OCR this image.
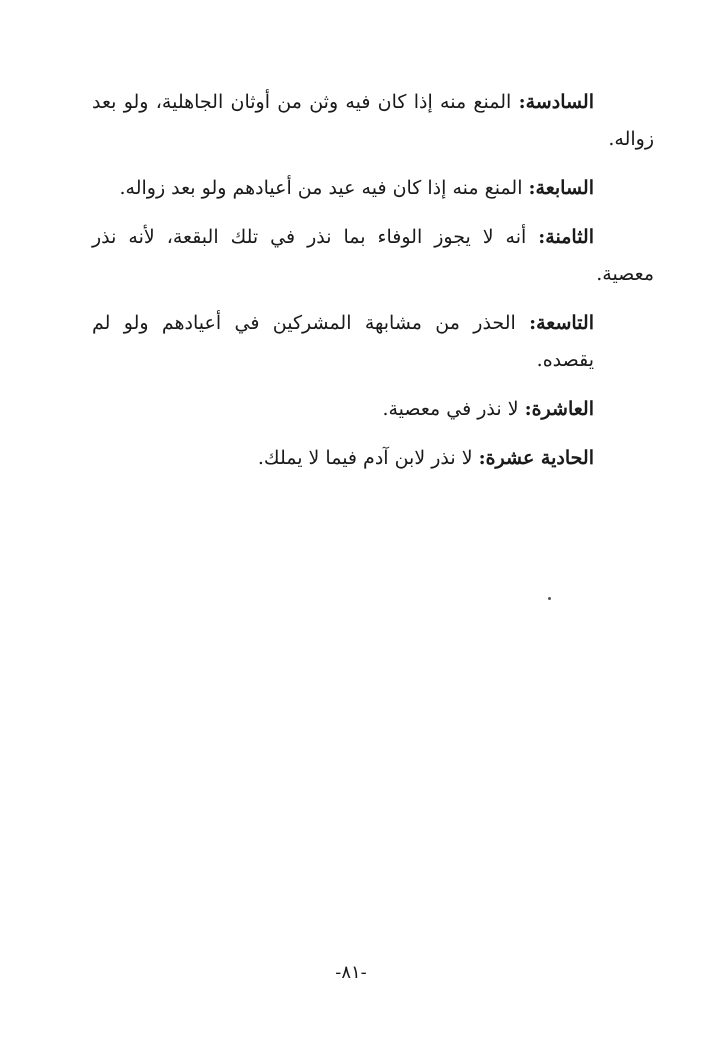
السادسة: المنع منه إذا كان فيه وثن من أوثان الجاهلية، ولو بعد
زواله.

السابعة: المنع منه إذا كان فيه عيد من أعيادهم ولو بعد زواله.

الثامنة: أنه لا يجوز الوفاء بما نذر في تلك البقعة، لأنه نذر
معصية.

التاسعة: الحذر من مشابهة المشركين في أعيادهم ولو لم يقصده.

العاشرة: لا نذر في معصية.

الحادية عشرة: لا نذر لابن آدم فيما لا يملك.

-٨١-
